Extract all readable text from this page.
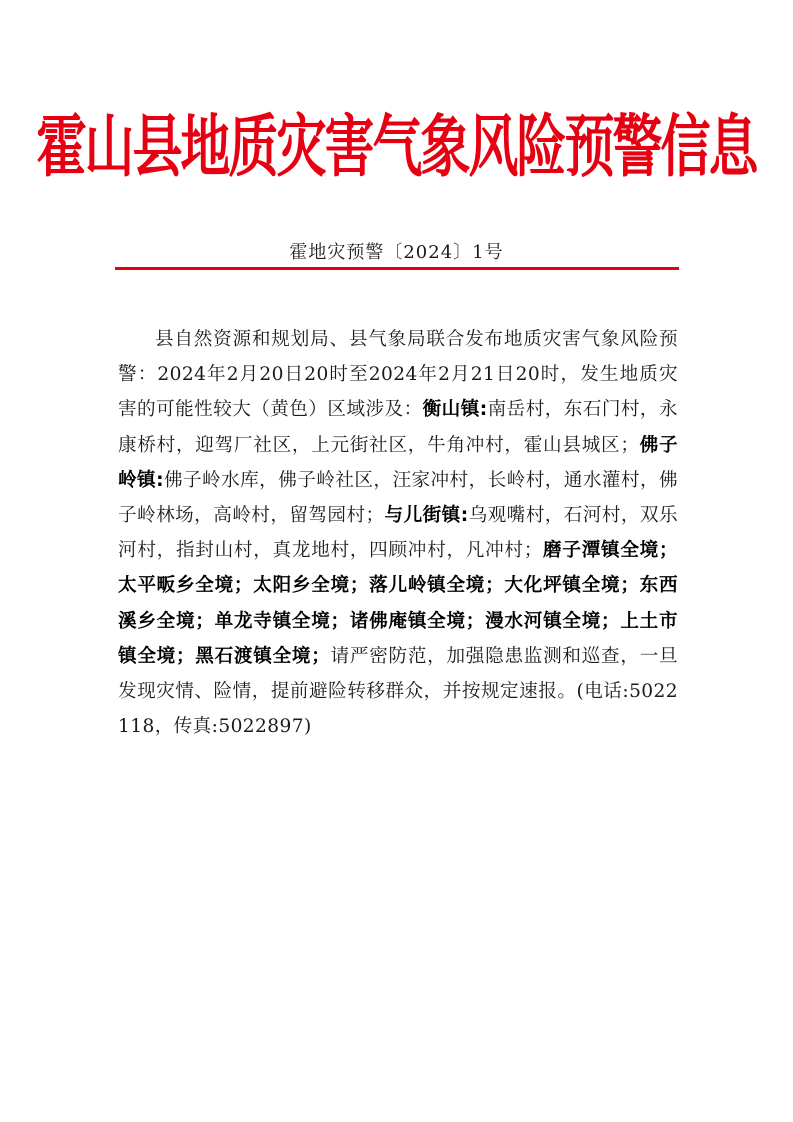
霍山县地质灾害气象风险预警信息
霍地灾预警〔2024〕1号
县自然资源和规划局、县气象局联合发布地质灾害气象风险预警：2024年2月20日20时至2024年2月21日20时，发生地质灾害的可能性较大（黄色）区域涉及：衡山镇:南岳村，东石门村，永康桥村，迎驾厂社区，上元街社区，牛角冲村，霍山县城区；佛子岭镇:佛子岭水库，佛子岭社区，汪家冲村，长岭村，通水灌村，佛子岭林场，高岭村，留驾园村；与儿街镇:乌观嘴村，石河村，双乐河村，指封山村，真龙地村，四顾冲村，凡冲村；磨子潭镇全境；太平畈乡全境；太阳乡全境；落儿岭镇全境；大化坪镇全境；东西溪乡全境；单龙寺镇全境；诸佛庵镇全境；漫水河镇全境；上土市镇全境；黑石渡镇全境；请严密防范，加强隐患监测和巡查，一旦发现灾情、险情，提前避险转移群众，并按规定速报。(电话:5022118，传真:5022897)
